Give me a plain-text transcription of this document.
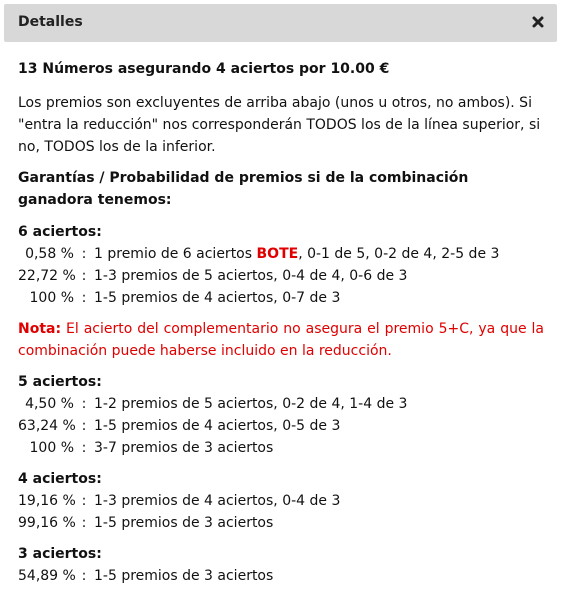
Detalles

13 Números asegurando 4 aciertos por 10.00 €

Los premios son excluyentes de arriba abajo (unos u otros, no ambos). Si "entra la reducción" nos corresponderán TODOS los de la línea superior, si no, TODOS los de la inferior.

Garantías / Probabilidad de premios si de la combinación ganadora tenemos:

6 aciertos:

0,58 % : 1 premio de 6 aciertos BOTE, 0-1 de 5, 0-2 de 4, 2-5 de 3
22,72 % : 1-3 premios de 5 aciertos, 0-4 de 4, 0-6 de 3
100 % : 1-5 premios de 4 aciertos, 0-7 de 3

Nota: El acierto del complementario no asegura el premio 5+C, ya que la combinación puede haberse incluido en la reducción.

5 aciertos:

4,50 % : 1-2 premios de 5 aciertos, 0-2 de 4, 1-4 de 3
63,24 % : 1-5 premios de 4 aciertos, 0-5 de 3
100 % : 3-7 premios de 3 aciertos

4 aciertos:

19,16 % : 1-3 premios de 4 aciertos, 0-4 de 3
99,16 % : 1-5 premios de 3 aciertos

3 aciertos:

54,89 % : 1-5 premios de 3 aciertos
